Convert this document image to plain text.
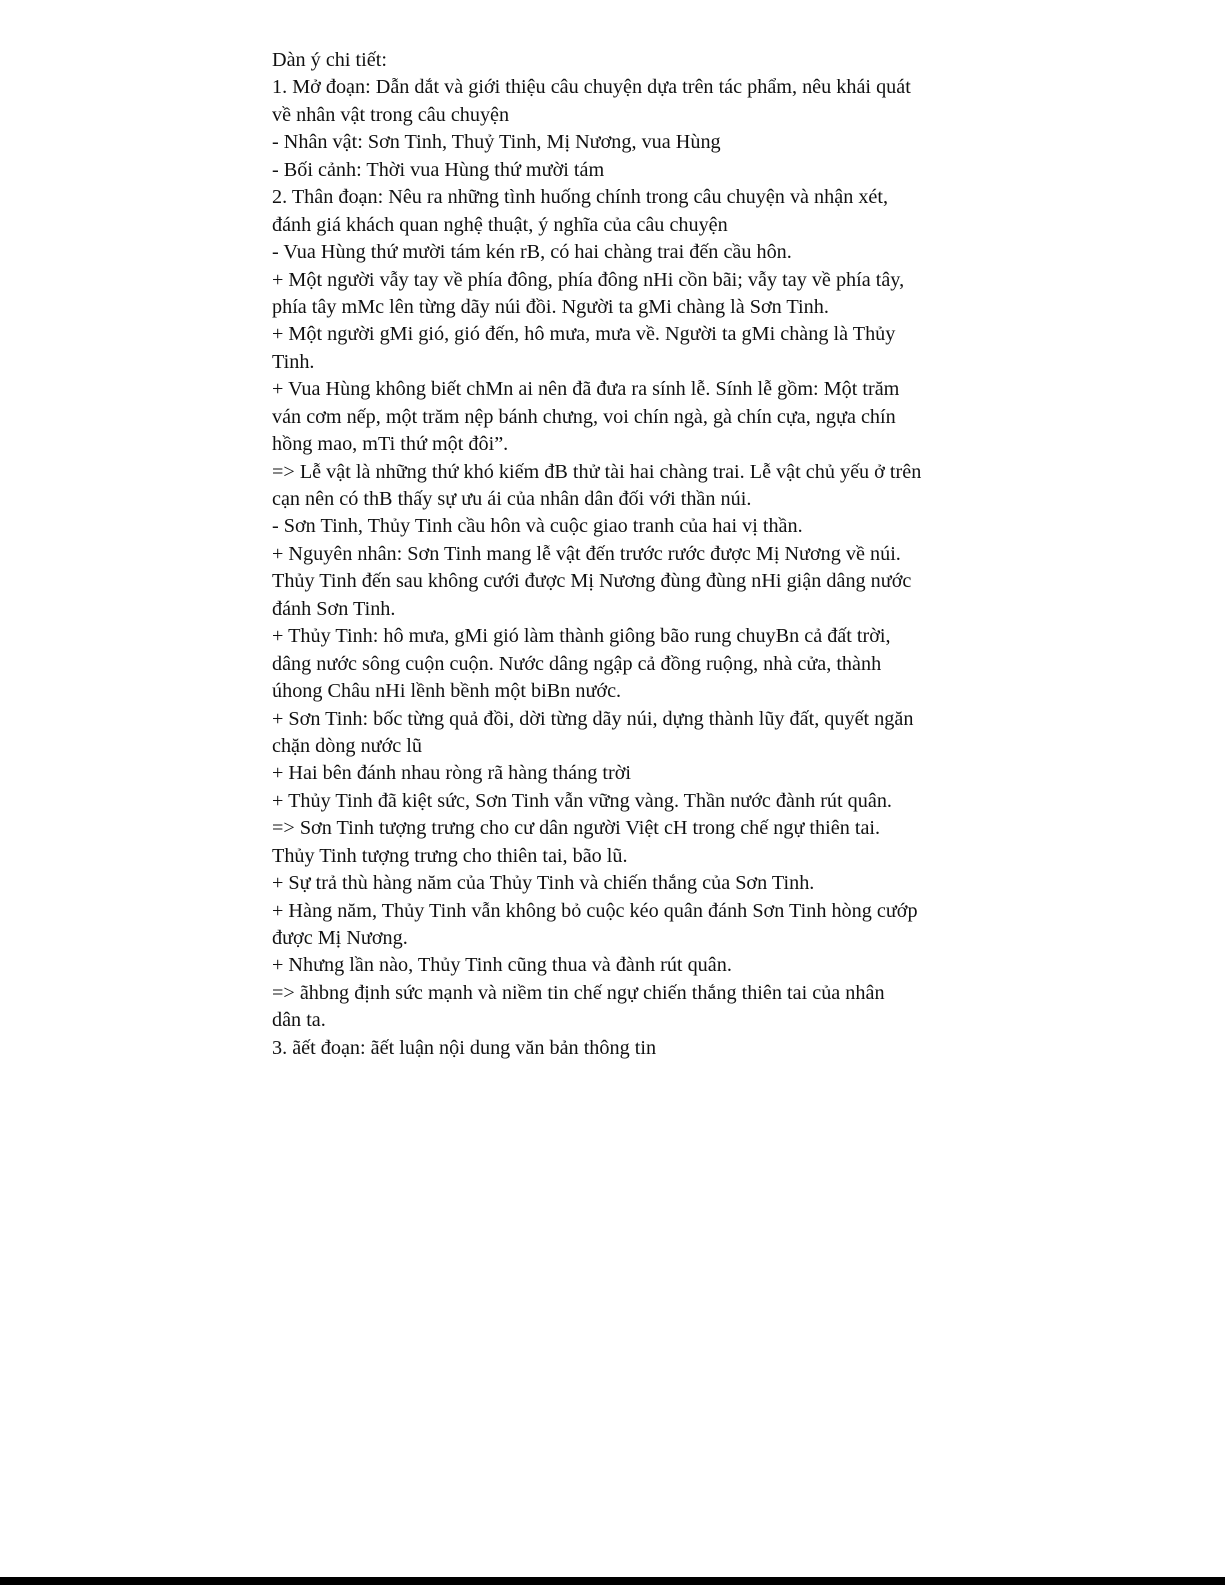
Dàn ý chi tiết:
1. Mở đoạn: Dẫn dắt và giới thiệu câu chuyện dựa trên tác phẩm, nêu khái quát
về nhân vật trong câu chuyện
- Nhân vật: Sơn Tinh, Thuỷ Tinh, Mị Nương, vua Hùng
- Bối cảnh: Thời vua Hùng thứ mười tám
2. Thân đoạn: Nêu ra những tình huống chính trong câu chuyện và nhận xét,
đánh giá khách quan nghệ thuật, ý nghĩa của câu chuyện
- Vua Hùng thứ mười tám kén rB, có hai chàng trai đến cầu hôn.
+ Một người vẫy tay về phía đông, phía đông nHi cồn bãi; vẫy tay về phía tây,
phía tây mMc lên từng dãy núi đồi. Người ta gMi chàng là Sơn Tinh.
+ Một người gMi gió, gió đến, hô mưa, mưa về. Người ta gMi chàng là Thủy
Tinh.
+ Vua Hùng không biết chMn ai nên đã đưa ra sính lễ. Sính lễ gồm: Một trăm
ván cơm nếp, một trăm nệp bánh chưng, voi chín ngà, gà chín cựa, ngựa chín
hồng mao, mTi thứ một đôi”.
=> Lễ vật là những thứ khó kiếm đB thử tài hai chàng trai. Lễ vật chủ yếu ở trên
cạn nên có thB thấy sự ưu ái của nhân dân đối với thần núi.
- Sơn Tinh, Thủy Tinh cầu hôn và cuộc giao tranh của hai vị thần.
+ Nguyên nhân: Sơn Tinh mang lễ vật đến trước rước được Mị Nương về núi.
Thủy Tinh đến sau không cưới được Mị Nương đùng đùng nHi giận dâng nước
đánh Sơn Tinh.
+ Thủy Tinh: hô mưa, gMi gió làm thành giông bão rung chuyBn cả đất trời,
dâng nước sông cuộn cuộn. Nước dâng ngập cả đồng ruộng, nhà cửa, thành
úhong Châu nHi lềnh bềnh một biBn nước.
+ Sơn Tinh: bốc từng quả đồi, dời từng dãy núi, dựng thành lũy đất, quyết ngăn
chặn dòng nước lũ
+ Hai bên đánh nhau ròng rã hàng tháng trời
+ Thủy Tinh đã kiệt sức, Sơn Tinh vẫn vững vàng. Thần nước đành rút quân.
=> Sơn Tinh tượng trưng cho cư dân người Việt cH trong chế ngự thiên tai.
Thủy Tinh tượng trưng cho thiên tai, bão lũ.
+ Sự trả thù hàng năm của Thủy Tinh và chiến thắng của Sơn Tinh.
+ Hàng năm, Thủy Tinh vẫn không bỏ cuộc kéo quân đánh Sơn Tinh hòng cướp
được Mị Nương.
+ Nhưng lần nào, Thủy Tinh cũng thua và đành rút quân.
=> ãhbng định sức mạnh và niềm tin chế ngự chiến thắng thiên tai của nhân
dân ta.
3. ãết đoạn: ãết luận nội dung văn bản thông tin
